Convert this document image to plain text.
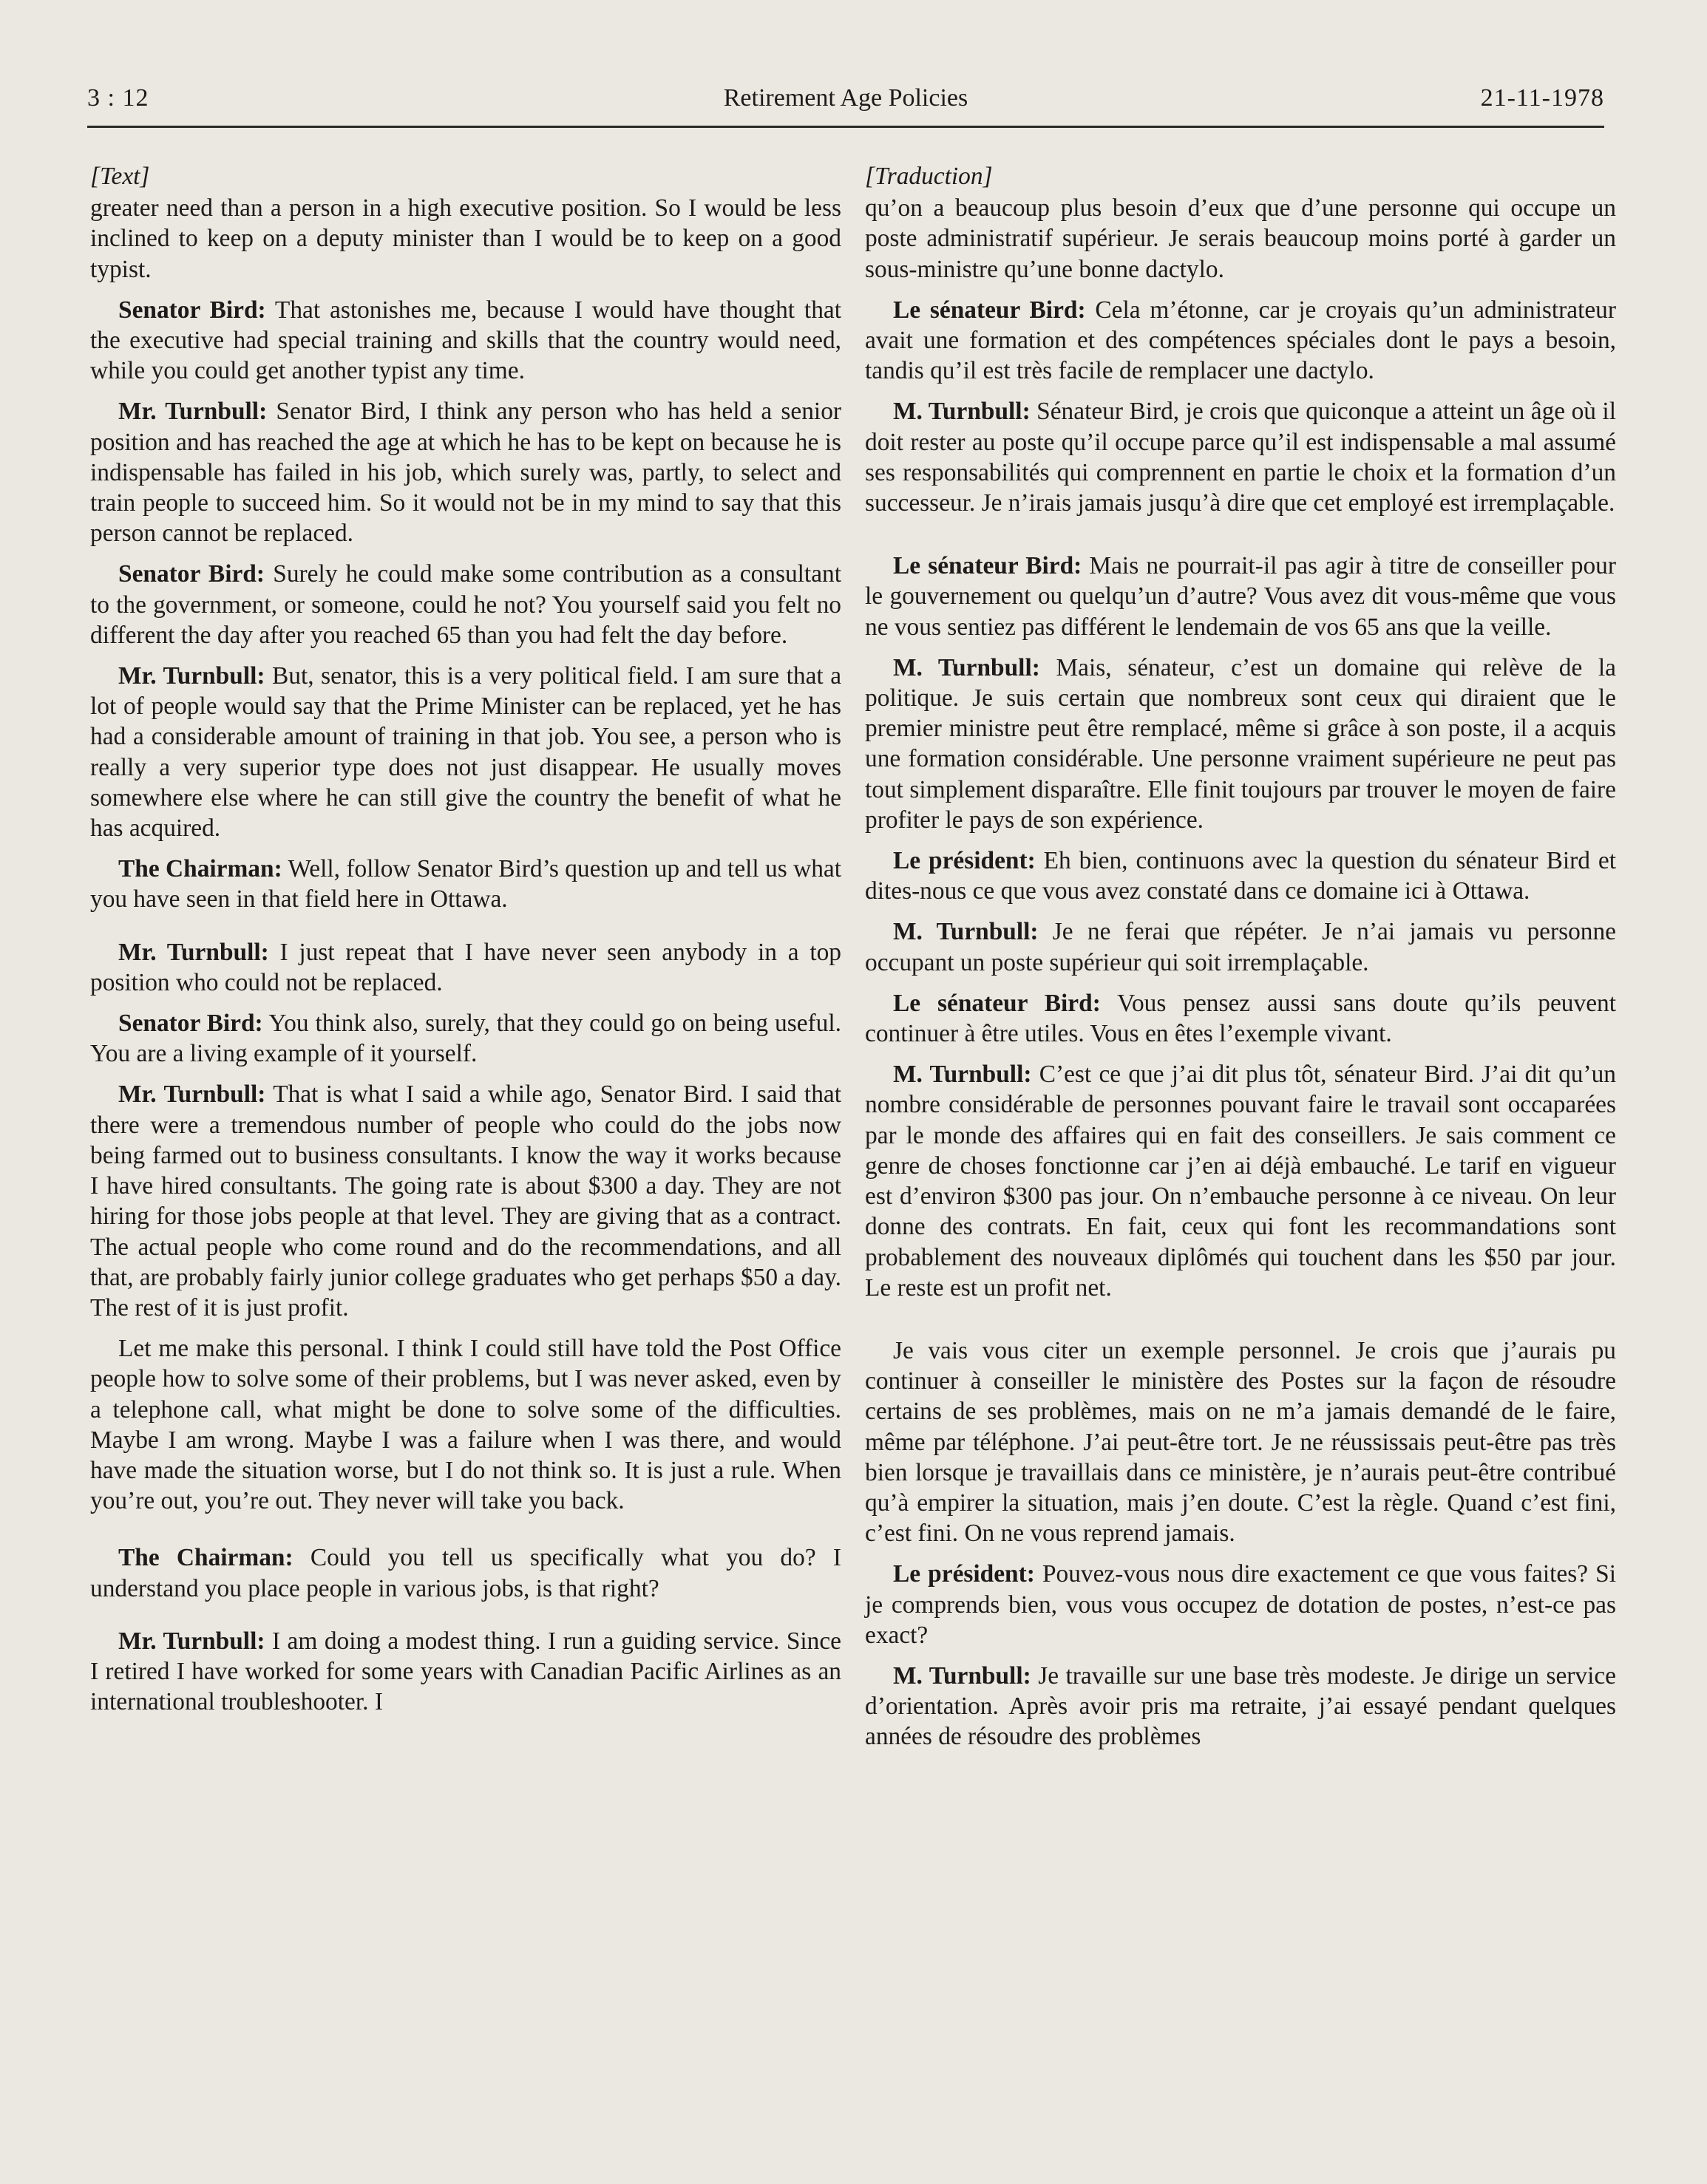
3 : 12	Retirement Age Policies	21-11-1978

[Text]

greater need than a person in a high executive position. So I would be less inclined to keep on a deputy minister than I would be to keep on a good typist.

Senator Bird: That astonishes me, because I would have thought that the executive had special training and skills that the country would need, while you could get another typist any time.

Mr. Turnbull: Senator Bird, I think any person who has held a senior position and has reached the age at which he has to be kept on because he is indispensable has failed in his job, which surely was, partly, to select and train people to succeed him. So it would not be in my mind to say that this person cannot be replaced.

Senator Bird: Surely he could make some contribution as a consultant to the government, or someone, could he not? You yourself said you felt no different the day after you reached 65 than you had felt the day before.

Mr. Turnbull: But, senator, this is a very political field. I am sure that a lot of people would say that the Prime Minister can be replaced, yet he has had a considerable amount of training in that job. You see, a person who is really a very superior type does not just disappear. He usually moves somewhere else where he can still give the country the benefit of what he has acquired.

The Chairman: Well, follow Senator Bird’s question up and tell us what you have seen in that field here in Ottawa.

Mr. Turnbull: I just repeat that I have never seen anybody in a top position who could not be replaced.

Senator Bird: You think also, surely, that they could go on being useful. You are a living example of it yourself.

Mr. Turnbull: That is what I said a while ago, Senator Bird. I said that there were a tremendous number of people who could do the jobs now being farmed out to business consultants. I know the way it works because I have hired consultants. The going rate is about $300 a day. They are not hiring for those jobs people at that level. They are giving that as a contract. The actual people who come round and do the recommendations, and all that, are probably fairly junior college graduates who get perhaps $50 a day. The rest of it is just profit.

Let me make this personal. I think I could still have told the Post Office people how to solve some of their problems, but I was never asked, even by a telephone call, what might be done to solve some of the difficulties. Maybe I am wrong. Maybe I was a failure when I was there, and would have made the situation worse, but I do not think so. It is just a rule. When you’re out, you’re out. They never will take you back.

The Chairman: Could you tell us specifically what you do? I understand you place people in various jobs, is that right?

Mr. Turnbull: I am doing a modest thing. I run a guiding service. Since I retired I have worked for some years with Canadian Pacific Airlines as an international troubleshooter. I

[Traduction]

qu’on a beaucoup plus besoin d’eux que d’une personne qui occupe un poste administratif supérieur. Je serais beaucoup moins porté à garder un sous-ministre qu’une bonne dactylo.

Le sénateur Bird: Cela m’étonne, car je croyais qu’un administrateur avait une formation et des compétences spéciales dont le pays a besoin, tandis qu’il est très facile de remplacer une dactylo.

M. Turnbull: Sénateur Bird, je crois que quiconque a atteint un âge où il doit rester au poste qu’il occupe parce qu’il est indispensable a mal assumé ses responsabilités qui comprennent en partie le choix et la formation d’un successeur. Je n’irais jamais jusqu’à dire que cet employé est irremplaçable.

Le sénateur Bird: Mais ne pourrait-il pas agir à titre de conseiller pour le gouvernement ou quelqu’un d’autre? Vous avez dit vous-même que vous ne vous sentiez pas différent le lendemain de vos 65 ans que la veille.

M. Turnbull: Mais, sénateur, c’est un domaine qui relève de la politique. Je suis certain que nombreux sont ceux qui diraient que le premier ministre peut être remplacé, même si grâce à son poste, il a acquis une formation considérable. Une personne vraiment supérieure ne peut pas tout simplement disparaître. Elle finit toujours par trouver le moyen de faire profiter le pays de son expérience.

Le président: Eh bien, continuons avec la question du sénateur Bird et dites-nous ce que vous avez constaté dans ce domaine ici à Ottawa.

M. Turnbull: Je ne ferai que répéter. Je n’ai jamais vu personne occupant un poste supérieur qui soit irremplaçable.

Le sénateur Bird: Vous pensez aussi sans doute qu’ils peuvent continuer à être utiles. Vous en êtes l’exemple vivant.

M. Turnbull: C’est ce que j’ai dit plus tôt, sénateur Bird. J’ai dit qu’un nombre considérable de personnes pouvant faire le travail sont occaparées par le monde des affaires qui en fait des conseillers. Je sais comment ce genre de choses fonctionne car j’en ai déjà embauché. Le tarif en vigueur est d’environ $300 pas jour. On n’embauche personne à ce niveau. On leur donne des contrats. En fait, ceux qui font les recommandations sont probablement des nouveaux diplômés qui touchent dans les $50 par jour. Le reste est un profit net.

Je vais vous citer un exemple personnel. Je crois que j’aurais pu continuer à conseiller le ministère des Postes sur la façon de résoudre certains de ses problèmes, mais on ne m’a jamais demandé de le faire, même par téléphone. J’ai peut-être tort. Je ne réussissais peut-être pas très bien lorsque je travaillais dans ce ministère, je n’aurais peut-être contribué qu’à empirer la situation, mais j’en doute. C’est la règle. Quand c’est fini, c’est fini. On ne vous reprend jamais.

Le président: Pouvez-vous nous dire exactement ce que vous faites? Si je comprends bien, vous vous occupez de dotation de postes, n’est-ce pas exact?

M. Turnbull: Je travaille sur une base très modeste. Je dirige un service d’orientation. Après avoir pris ma retraite, j’ai essayé pendant quelques années de résoudre des problèmes
